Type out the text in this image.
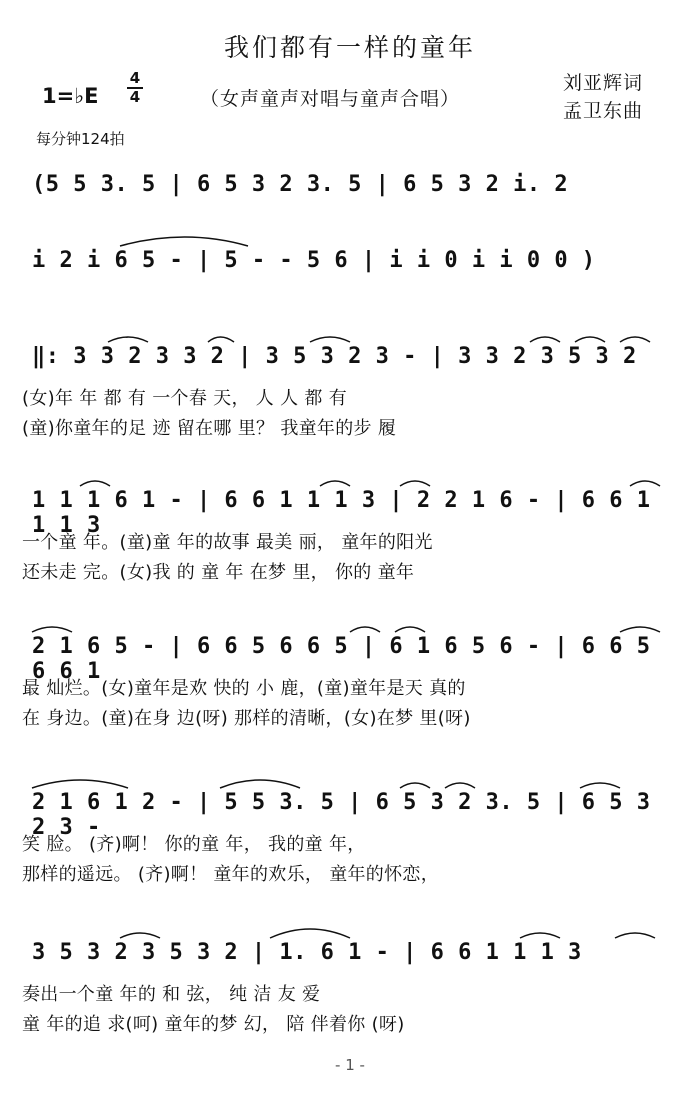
我们都有一样的童年
1=♭E
4
4	（女声童声对唱与童声合唱）
刘亚辉词
孟卫东曲
每分钟124拍
(5 5 3. 5 | 6 5 3 2 3. 5 | 6 5 3 2 i. 2
i 2 i 6 5 - | 5 - - 5 6 | i i 0 i i 0 0 )
‖: 3 3 2 3 3 2 | 3 5 3 2 3 - | 3 3 2 3 5 3 2
(女)年 年 都 有 一个春 天， 人 人 都 有
(童)你童年的足 迹 留在哪 里？ 我童年的步 履
1 1 1 6 1 - | 6 6 1 1 1 3 | 2 2 1 6 - | 6 6 1 1 1 3
一个童 年。(童)童 年的故事 最美 丽， 童年的阳光
还未走 完。(女)我 的 童 年 在梦 里， 你的 童年
2 1 6 5 - | 6 6 5 6 6 5 | 6 1 6 5 6 - | 6 6 5 6 6 1
最 灿烂。(女)童年是欢 快的 小 鹿，(童)童年是天 真的
在 身边。(童)在身 边(呀) 那样的清晰，(女)在梦 里(呀)
2 1 6 1 2 - | 5 5 3. 5 | 6 5 3 2 3. 5 | 6 5 3 2 3 -
笑 脸。 (齐)啊！ 你的童 年， 我的童 年，
那样的遥远。 (齐)啊！ 童年的欢乐， 童年的怀恋，
3 5 3 2 3 5 3 2 | 1. 6 1 - | 6 6 1 1 1 3
奏出一个童 年的 和 弦， 纯 洁 友 爱
童 年的追 求(呵) 童年的梦 幻， 陪 伴着你 (呀)
- 1 -
